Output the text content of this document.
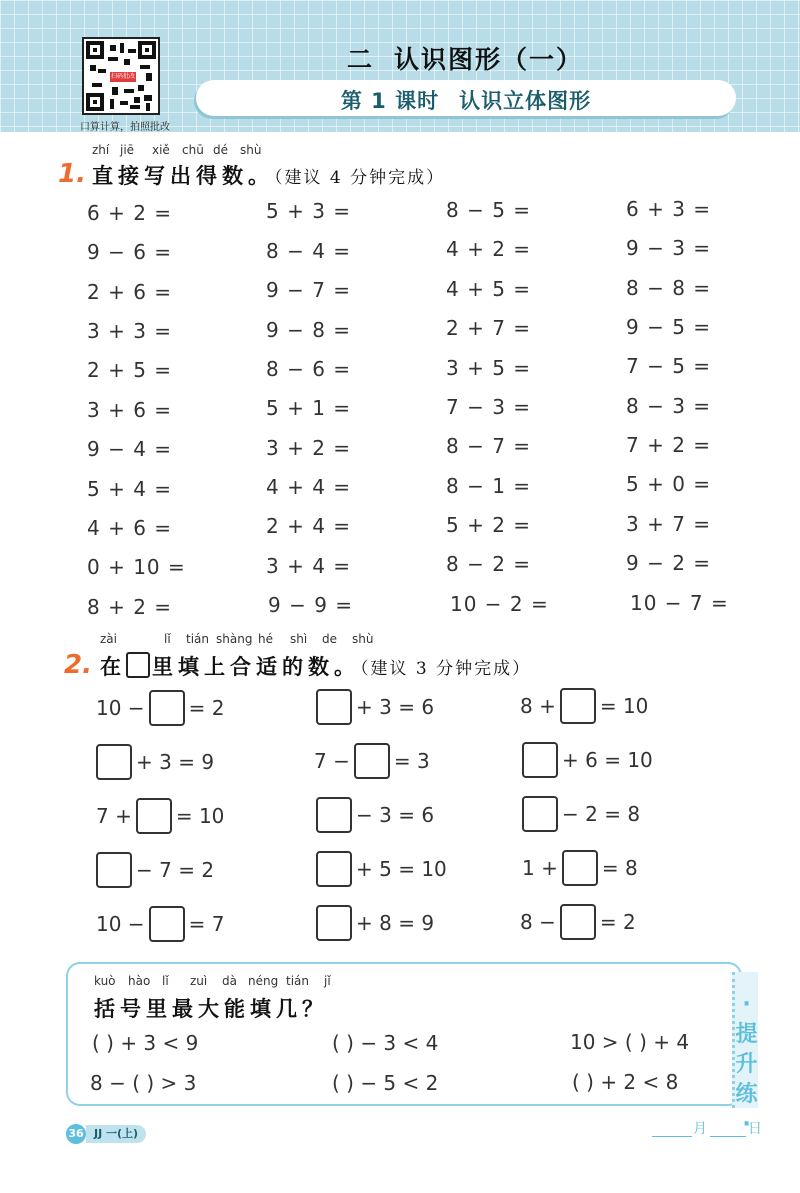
扫码批改
口算计算，拍照批改
二 认识图形（一）
第 1 课时 认识立体图形
zhí jiē xiě chū dé shù
1. 直接写出得数。（建议 4 分钟完成）
6 + 2 =	5 + 3 =	8 − 5 =	6 + 3 =
9 − 6 =	8 − 4 =	4 + 2 =	9 − 3 =
2 + 6 =	9 − 7 =	4 + 5 =	8 − 8 =
3 + 3 =	9 − 8 =	2 + 7 =	9 − 5 =
2 + 5 =	8 − 6 =	3 + 5 =	7 − 5 =
3 + 6 =	5 + 1 =	7 − 3 =	8 − 3 =
9 − 4 =	3 + 2 =	8 − 7 =	7 + 2 =
5 + 4 =	4 + 4 =	8 − 1 =	5 + 0 =
4 + 6 =	2 + 4 =	5 + 2 =	3 + 7 =
0 + 10 =	3 + 4 =	8 − 2 =	9 − 2 =
8 + 2 =	9 − 9 =	10 − 2 =	10 − 7 =
zài	lǐ tián shàng hé shì de shù
2. 在 里填上合适的数。（建议 3 分钟完成）
10 − = 2	+ 3 = 6	8 + = 10
+ 3 = 9	7 − = 3	+ 6 = 10
7 + = 10	− 3 = 6	− 2 = 8
− 7 = 2	+ 5 = 10	1 + = 8
10 − = 7	+ 8 = 9	8 − = 2
·提升练·
kuò hào lǐ zuì dà néng tián jǐ
括号里最大能填几？
( ) + 3 < 9	( ) − 3 < 4	10 > ( ) + 4
8 − ( ) > 3	( ) − 5 < 2	( ) + 2 < 8
JJ 一(上)
36	月	日
